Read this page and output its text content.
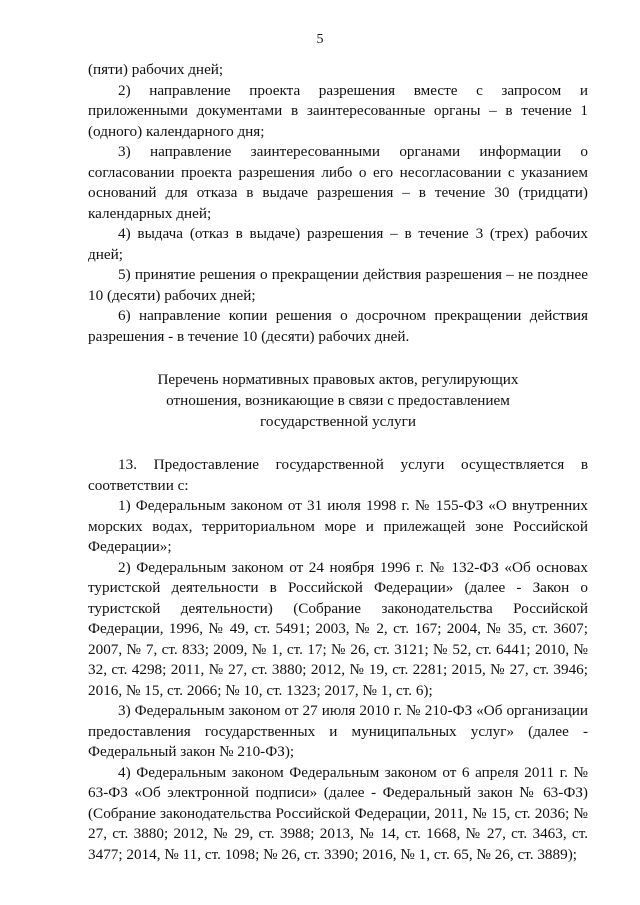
5

(пяти) рабочих дней;

2) направление проекта разрешения вместе с запросом и приложенными документами в заинтересованные органы – в течение 1 (одного) календарного дня;

3) направление заинтересованными органами информации о согласовании проекта разрешения либо о его несогласовании с указанием оснований для отказа в выдаче разрешения – в течение 30 (тридцати) календарных дней;

4) выдача (отказ в выдаче) разрешения – в течение 3 (трех) рабочих дней;

5) принятие решения о прекращении действия разрешения – не позднее 10 (десяти) рабочих дней;

6) направление копии решения о досрочном прекращении действия разрешения - в течение 10 (десяти) рабочих дней.

Перечень нормативных правовых актов, регулирующих
отношения, возникающие в связи с предоставлением
государственной услуги

13. Предоставление государственной услуги осуществляется в соответствии с:

1) Федеральным законом от 31 июля 1998 г. № 155-ФЗ «О внутренних морских водах, территориальном море и прилежащей зоне Российской Федерации»;

2) Федеральным законом от 24 ноября 1996 г. № 132-ФЗ «Об основах туристской деятельности в Российской Федерации» (далее - Закон о туристской деятельности) (Собрание законодательства Российской Федерации, 1996, № 49, ст. 5491; 2003, № 2, ст. 167; 2004, № 35, ст. 3607; 2007, № 7, ст. 833; 2009, № 1, ст. 17; № 26, ст. 3121; № 52, ст. 6441; 2010, № 32, ст. 4298; 2011, № 27, ст. 3880; 2012, № 19, ст. 2281; 2015, № 27, ст. 3946; 2016, № 15, ст. 2066; № 10, ст. 1323; 2017, № 1, ст. 6);

3) Федеральным законом от 27 июля 2010 г. № 210-ФЗ «Об организации предоставления государственных и муниципальных услуг» (далее - Федеральный закон № 210-ФЗ);

4) Федеральным законом Федеральным законом от 6 апреля 2011 г. № 63-ФЗ «Об электронной подписи» (далее - Федеральный закон № 63-ФЗ) (Собрание законодательства Российской Федерации, 2011, № 15, ст. 2036; № 27, ст. 3880; 2012, № 29, ст. 3988; 2013, № 14, ст. 1668, № 27, ст. 3463, ст. 3477; 2014, № 11, ст. 1098; № 26, ст. 3390; 2016, № 1, ст. 65, № 26, ст. 3889);
